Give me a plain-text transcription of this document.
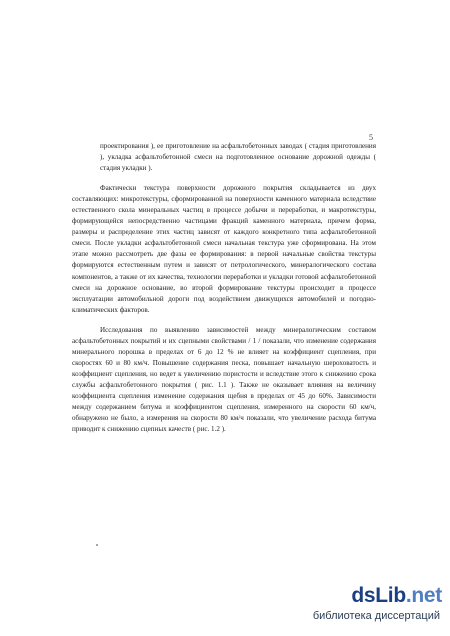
5

проектирования ), ее приготовление на асфальтобетонных заводах ( стадия приготовления ), укладка асфальтобетонной смеси на подготовленное основание дорожной одежды ( стадия укладки ).

Фактически текстура поверхности дорожного покрытия складывается из двух составляющих: микротекстуры, сформированной на поверхности каменного материала вследствие естественного скола минеральных частиц в процессе добычи и переработки, и макротекстуры, формирующейся непосредственно частицами фракций каменного материала, причем форма, размеры и распределение этих частиц зависят от каждого конкретного типа асфальтобетонной смеси. После укладки асфальтобетонной смеси начальная текстура уже сформирована. На этом этапе можно рассмотреть две фазы ее формирования: в первой начальные свойства текстуры формируются естественным путем и зависят от петрологического, минералогического состава компонентов, а также от их качества, технологии переработки и укладки готовой асфальтобетонной смеси на дорожное основание, во второй формирование текстуры происходит в процессе эксплуатации автомобильной дороги под воздействием движущихся автомобилей и погодно-климатических факторов.

Исследования по выявлению зависимостей между минералогическим составом асфальтобетонных покрытий и их сцепными свойствами / 1 / показали, что изменение содержания минерального порошка в пределах от 6 до 12 % не влияет на коэффициент сцепления, при скоростях 60 и 80 км/ч. Повышение содержания песка, повышает начальную шероховатость и коэффициент сцепления, но ведет к увеличению пористости и вследствие этого к снижению срока службы асфальтобетонного покрытия ( рис. 1.1 ). Также не оказывает влияния на величину коэффициента сцепления изменение содержания щебня в пределах от 45 до 60%. Зависимости между содержанием битума и коэффициентом сцепления, измеренного на скорости 60 км/ч, обнаружено не было, а измерения на скорости 80 км/ч показали, что увеличение расхода битума приводит к снижению сцепных качеств ( рис. 1.2 ).

dsLib.net
библиотека диссертаций
